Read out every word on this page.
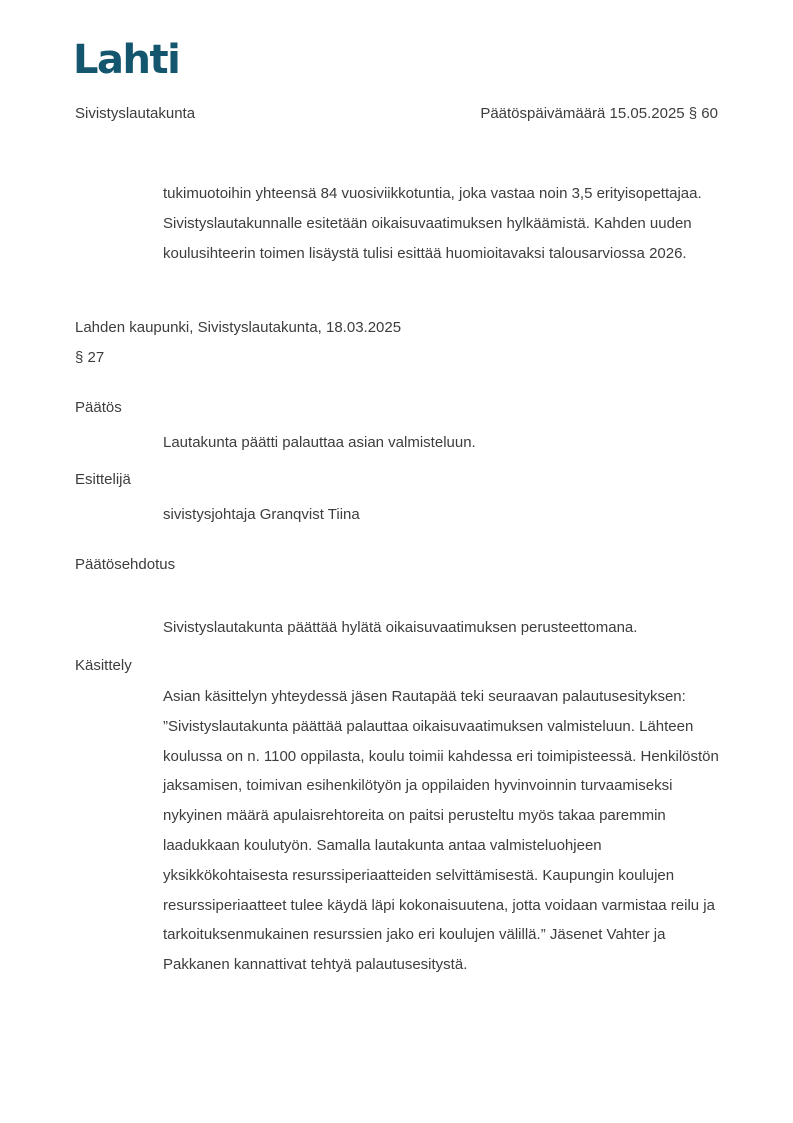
Lahti
Sivistyslautakunta	Päätöspäivämäärä 15.05.2025 § 60
tukimuotoihin yhteensä 84 vuosiviikkotuntia, joka vastaa noin 3,5 erityisopettajaa. Sivistyslautakunnalle esitetään oikaisuvaatimuksen hylkäämistä. Kahden uuden koulusihteerin toimen lisäystä tulisi esittää huomioitavaksi talousarviossa 2026.
Lahden kaupunki, Sivistyslautakunta, 18.03.2025
§ 27
Päätös
Lautakunta päätti palauttaa asian valmisteluun.
Esittelijä
sivistysjohtaja Granqvist Tiina
Päätösehdotus
Sivistyslautakunta päättää hylätä oikaisuvaatimuksen perusteettomana.
Käsittely
Asian käsittelyn yhteydessä jäsen Rautapää teki seuraavan palautusesityksen: ”Sivistyslautakunta päättää palauttaa oikaisuvaatimuksen valmisteluun. Lähteen koulussa on n. 1100 oppilasta, koulu toimii kahdessa eri toimipisteessä. Henkilöstön jaksamisen, toimivan esihenkilötyön ja oppilaiden hyvinvoinnin turvaamiseksi nykyinen määrä apulaisrehtoreita on paitsi perusteltu myös takaa paremmin laadukkaan koulutyön. Samalla lautakunta antaa valmisteluohjeen yksikkökohtaisesta resurssiperiaatteiden selvittämisestä. Kaupungin koulujen resurssiperiaatteet tulee käydä läpi kokonaisuutena, jotta voidaan varmistaa reilu ja tarkoituksenmukainen resurssien jako eri koulujen välillä.” Jäsenet Vahter ja Pakkanen kannattivat tehtyä palautusesitystä.
